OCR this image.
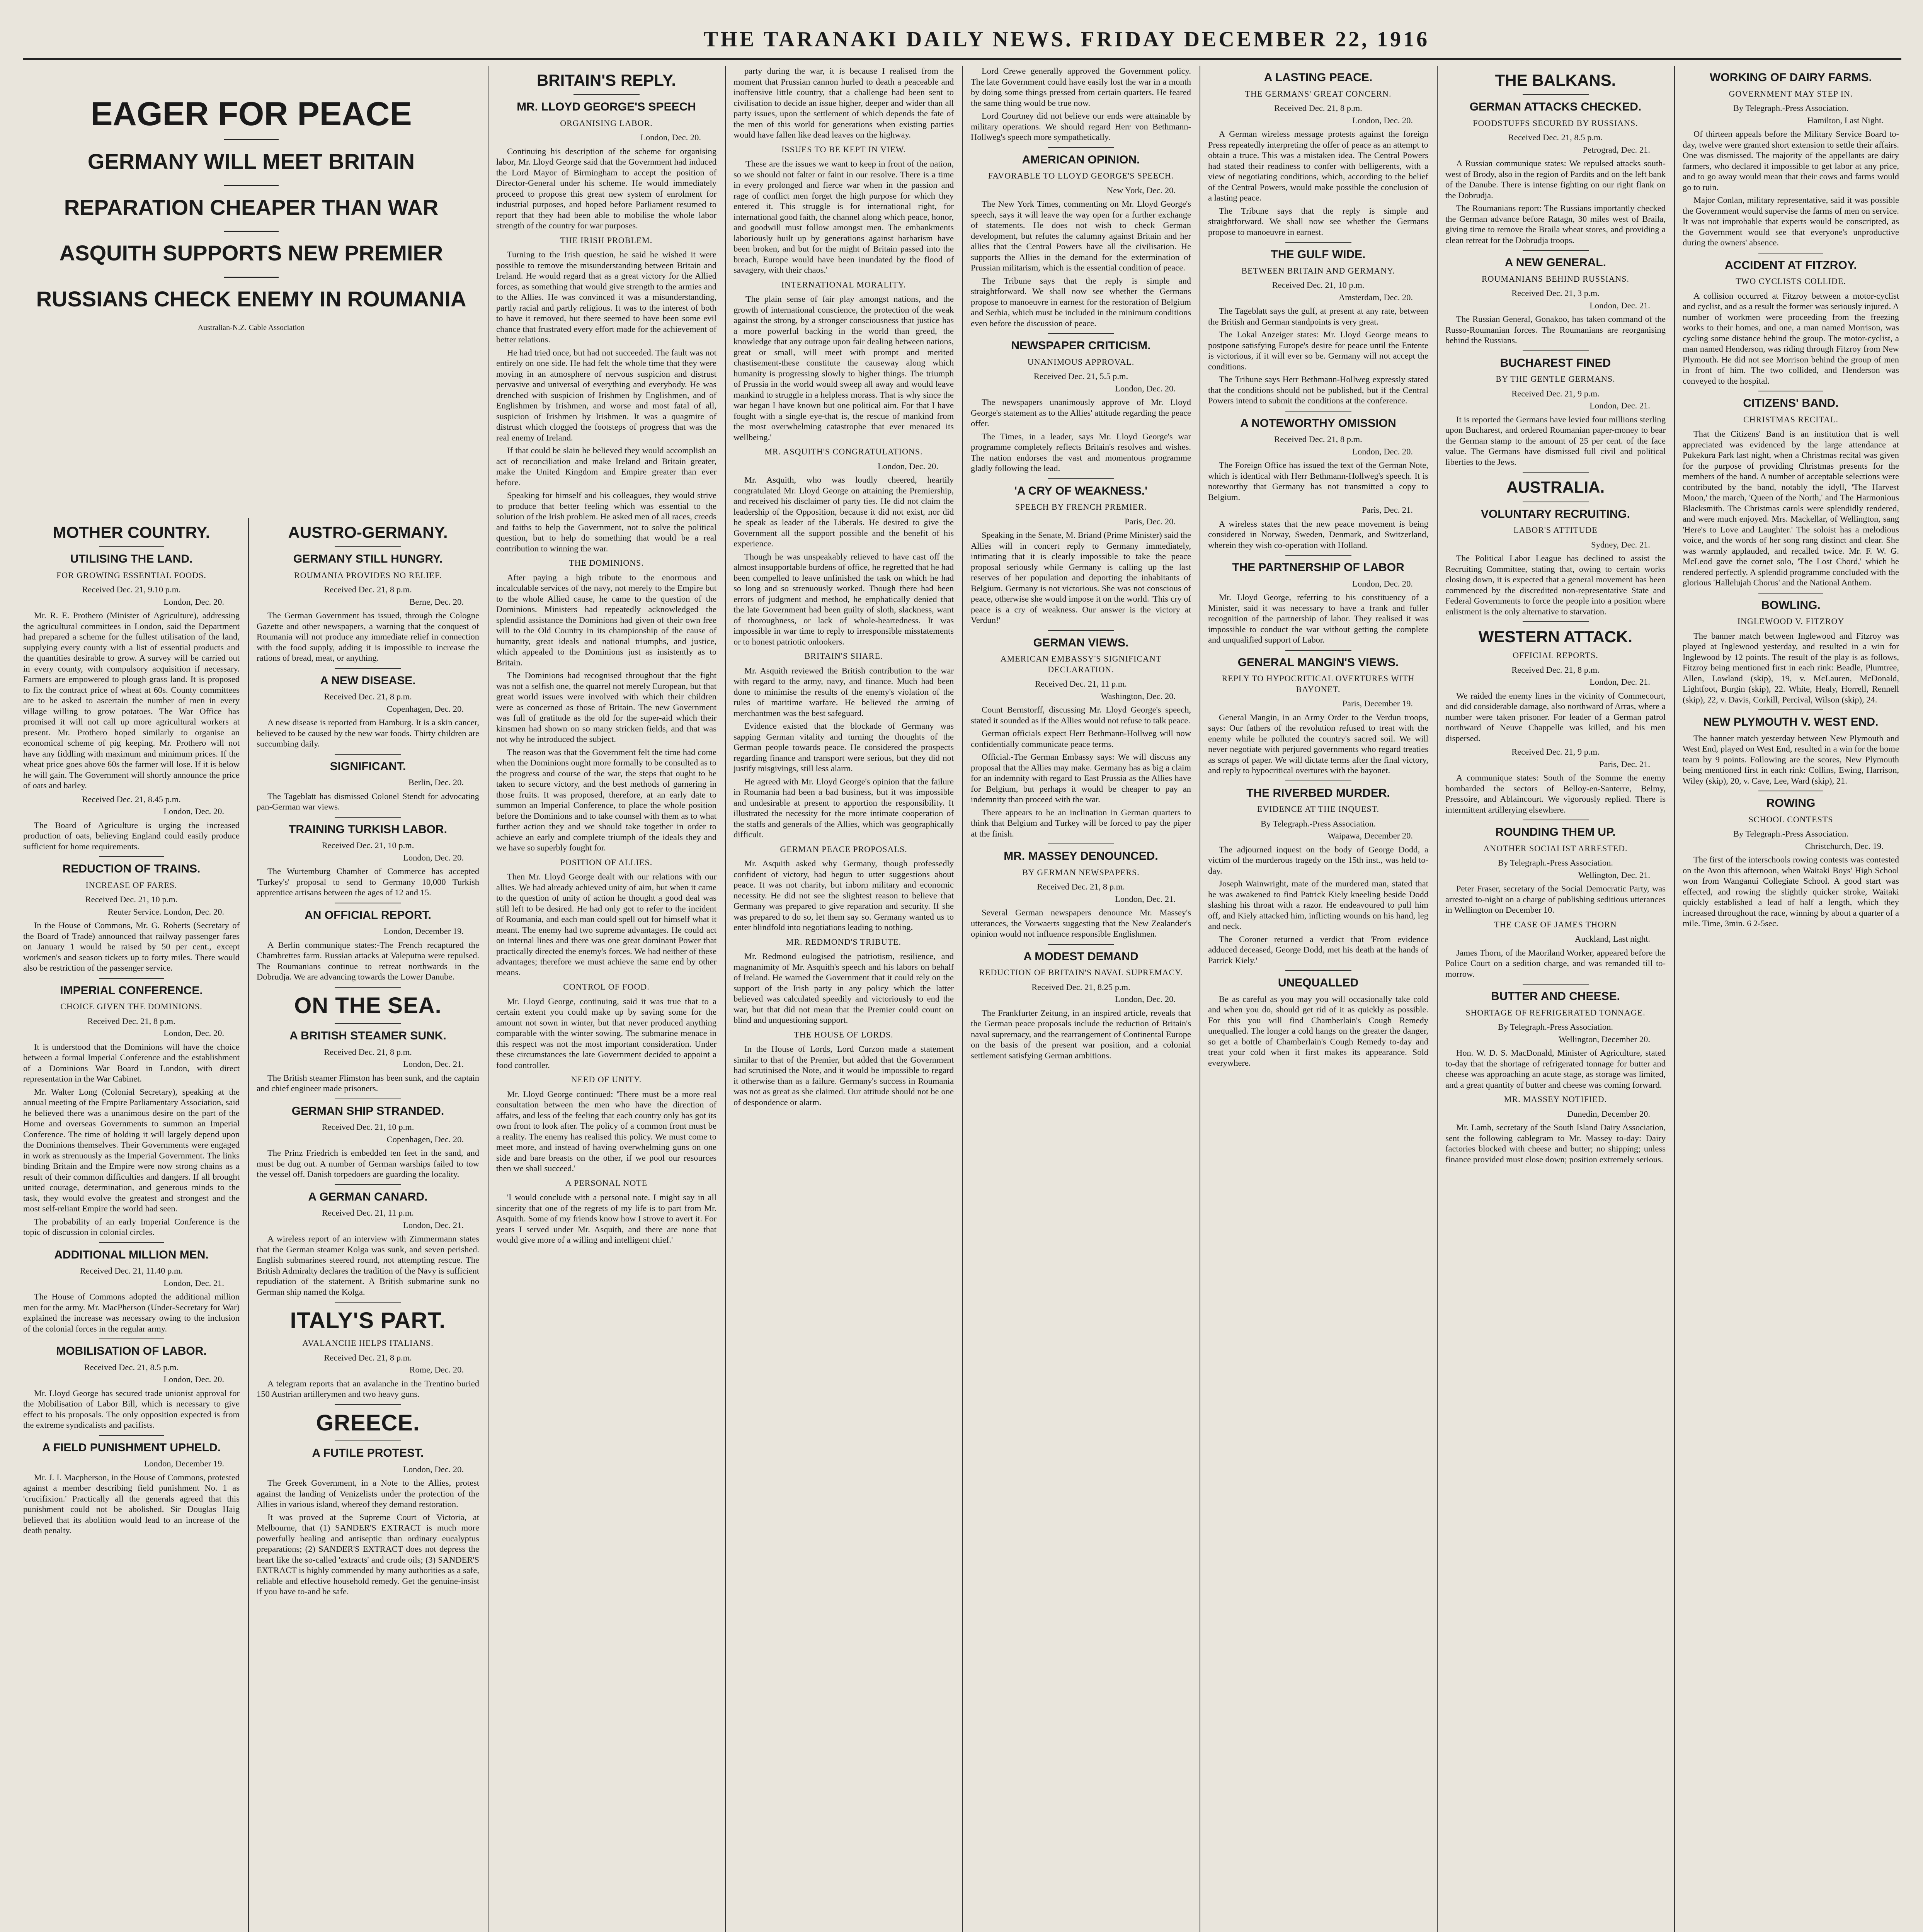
THE TARANAKI DAILY NEWS. FRIDAY DECEMBER 22, 1916
EAGER FOR PEACE
GERMANY WILL MEET BRITAIN
REPARATION CHEAPER THAN WAR
ASQUITH SUPPORTS NEW PREMIER
RUSSIANS CHECK ENEMY IN ROUMANIA
Australian-N.Z. Cable Association
MOTHER COUNTRY.
UTILISING THE LAND.
FOR GROWING ESSENTIAL FOODS.
Received Dec. 21, 9.10 p.m.
London, Dec. 20.

Mr. R. E. Prothero (Minister of Agriculture), addressing the agricultural committees in London, said the Department had prepared a scheme for the fullest utilisation of the land, supplying every county with a list of essential products and the quantities desirable to grow. A survey will be carried out in every county, with compulsory acquisition if necessary. Farmers are empowered to plough grass land. It is proposed to fix the contract price of wheat at 60s. County committees are to be asked to ascertain the number of men in every village willing to grow potatoes. The War Office has promised it will not call up more agricultural workers at present. Mr. Prothero hoped similarly to organise an economical scheme of pig keeping. Mr. Prothero will not have any fiddling with maximum and minimum prices. If the wheat price goes above 60s the farmer will lose. If it is below he will gain. The Government will shortly announce the price of oats and barley.

Received Dec. 21, 8.45 p.m.
London, Dec. 20.

The Board of Agriculture is urging the increased production of oats, believing England could easily produce sufficient for home requirements.

REDUCTION OF TRAINS.
INCREASE OF FARES.
Received Dec. 21, 10 p.m.
Reuter Service. London, Dec. 20.

In the House of Commons, Mr. G. Roberts (Secretary of the Board of Trade) announced that railway passenger fares on January 1 would be raised by 50 per cent., except workmen's and season tickets up to forty miles. There would also be restriction of the passenger service.

IMPERIAL CONFERENCE.
CHOICE GIVEN THE DOMINIONS.
Received Dec. 21, 8 p.m.
London, Dec. 20.

It is understood that the Dominions will have the choice between a formal Imperial Conference and the establishment of a Dominions War Board in London, with direct representation in the War Cabinet.

Mr. Walter Long (Colonial Secretary), speaking at the annual meeting of the Empire Parliamentary Association, said he believed there was a unanimous desire on the part of the Home and overseas Governments to summon an Imperial Conference. The time of holding it will largely depend upon the Dominions themselves. Their Governments were engaged in work as strenuously as the Imperial Government. The links binding Britain and the Empire were now strong chains as a result of their common difficulties and dangers. If all brought united courage, determination, and generous minds to the task, they would evolve the greatest and strongest and the most self-reliant Empire the world had seen.

The probability of an early Imperial Conference is the topic of discussion in colonial circles.

ADDITIONAL MILLION MEN.
Received Dec. 21, 11.40 p.m.
London, Dec. 21.

The House of Commons adopted the additional million men for the army. Mr. MacPherson (Under-Secretary for War) explained the increase was necessary owing to the inclusion of the colonial forces in the regular army.

MOBILISATION OF LABOR.
Received Dec. 21, 8.5 p.m.
London, Dec. 20.

Mr. Lloyd George has secured trade unionist approval for the Mobilisation of Labor Bill, which is necessary to give effect to his proposals. The only opposition expected is from the extreme syndicalists and pacifists.

A FIELD PUNISHMENT UPHELD.
London, December 19.

Mr. J. I. Macpherson, in the House of Commons, protested against a member describing field punishment No. 1 as 'crucifixion.' Practically all the generals agreed that this punishment could not be abolished. Sir Douglas Haig believed that its abolition would lead to an increase of the death penalty.

AUSTRO-GERMANY.
GERMANY STILL HUNGRY.
ROUMANIA PROVIDES NO RELIEF.
Received Dec. 21, 8 p.m.
Berne, Dec. 20.

The German Government has issued, through the Cologne Gazette and other newspapers, a warning that the conquest of Roumania will not produce any immediate relief in connection with the food supply, adding it is impossible to increase the rations of bread, meat, or anything.

A NEW DISEASE.
Received Dec. 21, 8 p.m.
Copenhagen, Dec. 20.

A new disease is reported from Hamburg. It is a skin cancer, believed to be caused by the new war foods. Thirty children are succumbing daily.

SIGNIFICANT.
Berlin, Dec. 20.

The Tageblatt has dismissed Colonel Stendt for advocating pan-German war views.

TRAINING TURKISH LABOR.
Received Dec. 21, 10 p.m.
London, Dec. 20.

The Wurtemburg Chamber of Commerce has accepted 'Turkey's' proposal to send to Germany 10,000 Turkish apprentice artisans between the ages of 12 and 15.

AN OFFICIAL REPORT.
London, December 19.

A Berlin communique states:-The French recaptured the Chambrettes farm. Russian attacks at Valeputna were repulsed. The Roumanians continue to retreat northwards in the Dobrudja. We are advancing towards the Lower Danube.

ON THE SEA.
A BRITISH STEAMER SUNK.
Received Dec. 21, 8 p.m.
London, Dec. 21.

The British steamer Flimston has been sunk, and the captain and chief engineer made prisoners.

GERMAN SHIP STRANDED.
Received Dec. 21, 10 p.m.
Copenhagen, Dec. 20.

The Prinz Friedrich is embedded ten feet in the sand, and must be dug out. A number of German warships failed to tow the vessel off. Danish torpedoers are guarding the locality.

A GERMAN CANARD.
Received Dec. 21, 11 p.m.
London, Dec. 21.

A wireless report of an interview with Zimmermann states that the German steamer Kolga was sunk, and seven perished. English submarines steered round, not attempting rescue. The British Admiralty declares the tradition of the Navy is sufficient repudiation of the statement. A British submarine sunk no German ship named the Kolga.

ITALY'S PART.
AVALANCHE HELPS ITALIANS.
Received Dec. 21, 8 p.m.
Rome, Dec. 20.

A telegram reports that an avalanche in the Trentino buried 150 Austrian artillerymen and two heavy guns.

GREECE.
A FUTILE PROTEST.
London, Dec. 20.

The Greek Government, in a Note to the Allies, protest against the landing of Venizelists under the protection of the Allies in various island, whereof they demand restoration.

It was proved at the Supreme Court of Victoria, at Melbourne, that (1) SANDER'S EXTRACT is much more powerfully healing and antiseptic than ordinary eucalyptus preparations; (2) SANDER'S EXTRACT does not depress the heart like the so-called 'extracts' and crude oils; (3) SANDER'S EXTRACT is highly commended by many authorities as a safe, reliable and effective household remedy. Get the genuine-insist if you have to-and be safe.

BRITAIN'S REPLY.
MR. LLOYD GEORGE'S SPEECH
ORGANISING LABOR.
London, Dec. 20.

Continuing his description of the scheme for organising labor, Mr. Lloyd George said that the Government had induced the Lord Mayor of Birmingham to accept the position of Director-General under his scheme. He would immediately proceed to propose this great new system of enrolment for industrial purposes, and hoped before Parliament resumed to report that they had been able to mobilise the whole labor strength of the country for war purposes.

THE IRISH PROBLEM.

Turning to the Irish question, he said he wished it were possible to remove the misunderstanding between Britain and Ireland. He would regard that as a great victory for the Allied forces, as something that would give strength to the armies and to the Allies. He was convinced it was a misunderstanding, partly racial and partly religious. It was to the interest of both to have it removed, but there seemed to have been some evil chance that frustrated every effort made for the achievement of better relations.

He had tried once, but had not succeeded. The fault was not entirely on one side. He had felt the whole time that they were moving in an atmosphere of nervous suspicion and distrust pervasive and universal of everything and everybody. He was drenched with suspicion of Irishmen by Englishmen, and of Englishmen by Irishmen, and worse and most fatal of all, suspicion of Irishmen by Irishmen. It was a quagmire of distrust which clogged the footsteps of progress that was the real enemy of Ireland.

If that could be slain he believed they would accomplish an act of reconciliation and make Ireland and Britain greater, make the United Kingdom and Empire greater than ever before.

Speaking for himself and his colleagues, they would strive to produce that better feeling which was essential to the solution of the Irish problem. He asked men of all races, creeds and faiths to help the Government, not to solve the political question, but to help do something that would be a real contribution to winning the war.

THE DOMINIONS.

After paying a high tribute to the enormous and incalculable services of the navy, not merely to the Empire but to the whole Allied cause, he came to the question of the Dominions. Ministers had repeatedly acknowledged the splendid assistance the Dominions had given of their own free will to the Old Country in its championship of the cause of humanity, great ideals and national triumphs, and justice, which appealed to the Dominions just as insistently as to Britain.

The Dominions had recognised throughout that the fight was not a selfish one, the quarrel not merely European, but that great world issues were involved with which their children were as concerned as those of Britain. The new Government was full of gratitude as the old for the super-aid which their kinsmen had shown on so many stricken fields, and that was not why he introduced the subject.

The reason was that the Government felt the time had come when the Dominions ought more formally to be consulted as to the progress and course of the war, the steps that ought to be taken to secure victory, and the best methods of garnering in those fruits. It was proposed, therefore, at an early date to summon an Imperial Conference, to place the whole position before the Dominions and to take counsel with them as to what further action they and we should take together in order to achieve an early and complete triumph of the ideals they and we have so superbly fought for.

POSITION OF ALLIES.

Then Mr. Lloyd George dealt with our relations with our allies. We had already achieved unity of aim, but when it came to the question of unity of action he thought a good deal was still left to be desired. He had only got to refer to the incident of Roumania, and each man could spell out for himself what it meant. The enemy had two supreme advantages. He could act on internal lines and there was one great dominant Power that practically directed the enemy's forces. We had neither of these advantages; therefore we must achieve the same end by other means.

CONTROL OF FOOD.

Mr. Lloyd George, continuing, said it was true that to a certain extent you could make up by saving some for the amount not sown in winter, but that never produced anything comparable with the winter sowing. The submarine menace in this respect was not the most important consideration. Under these circumstances the late Government decided to appoint a food controller.

NEED OF UNITY.

Mr. Lloyd George continued: 'There must be a more real consultation between the men who have the direction of affairs, and less of the feeling that each country only has got its own front to look after. The policy of a common front must be a reality. The enemy has realised this policy. We must come to meet more, and instead of having overwhelming guns on one side and bare breasts on the other, if we pool our resources then we shall succeed.'

A PERSONAL NOTE

'I would conclude with a personal note. I might say in all sincerity that one of the regrets of my life is to part from Mr. Asquith. Some of my friends know how I strove to avert it. For years I served under Mr. Asquith, and there are none that would give more of a willing and intelligent chief.'

party during the war, it is because I realised from the moment that Prussian cannon hurled to death a peaceable and inoffensive little country, that a challenge had been sent to civilisation to decide an issue higher, deeper and wider than all party issues, upon the settlement of which depends the fate of the men of this world for generations when existing parties would have fallen like dead leaves on the highway.

ISSUES TO BE KEPT IN VIEW.

'These are the issues we want to keep in front of the nation, so we should not falter or faint in our resolve. There is a time in every prolonged and fierce war when in the passion and rage of conflict men forget the high purpose for which they entered it. This struggle is for international right, for international good faith, the channel along which peace, honor, and goodwill must follow amongst men. The embankments laboriously built up by generations against barbarism have been broken, and but for the might of Britain passed into the breach, Europe would have been inundated by the flood of savagery, with their chaos.'

INTERNATIONAL MORALITY.

'The plain sense of fair play amongst nations, and the growth of international conscience, the protection of the weak against the strong, by a stronger consciousness that justice has a more powerful backing in the world than greed, the knowledge that any outrage upon fair dealing between nations, great or small, will meet with prompt and merited chastisement-these constitute the causeway along which humanity is progressing slowly to higher things. The triumph of Prussia in the world would sweep all away and would leave mankind to struggle in a helpless morass. That is why since the war began I have known but one political aim. For that I have fought with a single eye-that is, the rescue of mankind from the most overwhelming catastrophe that ever menaced its wellbeing.'

MR. ASQUITH'S CONGRATULATIONS.
London, Dec. 20.

Mr. Asquith, who was loudly cheered, heartily congratulated Mr. Lloyd George on attaining the Premiership, and received his disclaimer of party ties. He did not claim the leadership of the Opposition, because it did not exist, nor did he speak as leader of the Liberals. He desired to give the Government all the support possible and the benefit of his experience.

Though he was unspeakably relieved to have cast off the almost insupportable burdens of office, he regretted that he had been compelled to leave unfinished the task on which he had so long and so strenuously worked. Though there had been errors of judgment and method, he emphatically denied that the late Government had been guilty of sloth, slackness, want of thoroughness, or lack of whole-heartedness. It was impossible in war time to reply to irresponsible misstatements or to honest patriotic onlookers.

BRITAIN'S SHARE.

Mr. Asquith reviewed the British contribution to the war with regard to the army, navy, and finance. Much had been done to minimise the results of the enemy's violation of the rules of maritime warfare. He believed the arming of merchantmen was the best safeguard.

Evidence existed that the blockade of Germany was sapping German vitality and turning the thoughts of the German people towards peace. He considered the prospects regarding finance and transport were serious, but they did not justify misgivings, still less alarm.

He agreed with Mr. Lloyd George's opinion that the failure in Roumania had been a bad business, but it was impossible and undesirable at present to apportion the responsibility. It illustrated the necessity for the more intimate cooperation of the staffs and generals of the Allies, which was geographically difficult.

GERMAN PEACE PROPOSALS.

Mr. Asquith asked why Germany, though professedly confident of victory, had begun to utter suggestions about peace. It was not charity, but inborn military and economic necessity. He did not see the slightest reason to believe that Germany was prepared to give reparation and security. If she was prepared to do so, let them say so. Germany wanted us to enter blindfold into negotiations leading to nothing.

MR. REDMOND'S TRIBUTE.

Mr. Redmond eulogised the patriotism, resilience, and magnanimity of Mr. Asquith's speech and his labors on behalf of Ireland. He warned the Government that it could rely on the support of the Irish party in any policy which the latter believed was calculated speedily and victoriously to end the war, but that did not mean that the Premier could count on blind and unquestioning support.

THE HOUSE OF LORDS.

In the House of Lords, Lord Curzon made a statement similar to that of the Premier, but added that the Government had scrutinised the Note, and it would be impossible to regard it otherwise than as a failure. Germany's success in Roumania was not as great as she claimed. Our attitude should not be one of despondence or alarm.

Lord Crewe generally approved the Government policy. The late Government could have easily lost the war in a month by doing some things pressed from certain quarters. He feared the same thing would be true now.

Lord Courtney did not believe our ends were attainable by military operations. We should regard Herr von Bethmann-Hollweg's speech more sympathetically.

AMERICAN OPINION.
FAVORABLE TO LLOYD GEORGE'S SPEECH.
New York, Dec. 20.

The New York Times, commenting on Mr. Lloyd George's speech, says it will leave the way open for a further exchange of statements. He does not wish to check German development, but refutes the calumny against Britain and her allies that the Central Powers have all the civilisation. He supports the Allies in the demand for the extermination of Prussian militarism, which is the essential condition of peace.

The Tribune says that the reply is simple and straightforward. We shall now see whether the Germans propose to manoeuvre in earnest for the restoration of Belgium and Serbia, which must be included in the minimum conditions even before the discussion of peace.

NEWSPAPER CRITICISM.
UNANIMOUS APPROVAL.
Received Dec. 21, 5.5 p.m.
London, Dec. 20.

The newspapers unanimously approve of Mr. Lloyd George's statement as to the Allies' attitude regarding the peace offer.

The Times, in a leader, says Mr. Lloyd George's war programme completely reflects Britain's resolves and wishes. The nation endorses the vast and momentous programme gladly following the lead.

'A CRY OF WEAKNESS.'
SPEECH BY FRENCH PREMIER.
Paris, Dec. 20.

Speaking in the Senate, M. Briand (Prime Minister) said the Allies will in concert reply to Germany immediately, intimating that it is clearly impossible to take the peace proposal seriously while Germany is calling up the last reserves of her population and deporting the inhabitants of Belgium. Germany is not victorious. She was not conscious of peace, otherwise she would impose it on the world. 'This cry of peace is a cry of weakness. Our answer is the victory at Verdun!'

GERMAN VIEWS.
AMERICAN EMBASSY'S SIGNIFICANT DECLARATION.
Received Dec. 21, 11 p.m.
Washington, Dec. 20.

Count Bernstorff, discussing Mr. Lloyd George's speech, stated it sounded as if the Allies would not refuse to talk peace.

German officials expect Herr Bethmann-Hollweg will now confidentially communicate peace terms.

Official.-The German Embassy says: We will discuss any proposal that the Allies may make. Germany has as big a claim for an indemnity with regard to East Prussia as the Allies have for Belgium, but perhaps it would be cheaper to pay an indemnity than proceed with the war.

There appears to be an inclination in German quarters to think that Belgium and Turkey will be forced to pay the piper at the finish.

MR. MASSEY DENOUNCED.
BY GERMAN NEWSPAPERS.
Received Dec. 21, 8 p.m.
London, Dec. 21.

Several German newspapers denounce Mr. Massey's utterances, the Vorwaerts suggesting that the New Zealander's opinion would not influence responsible Englishmen.

A MODEST DEMAND
REDUCTION OF BRITAIN'S NAVAL SUPREMACY.
Received Dec. 21, 8.25 p.m.
London, Dec. 20.

The Frankfurter Zeitung, in an inspired article, reveals that the German peace proposals include the reduction of Britain's naval supremacy, and the rearrangement of Continental Europe on the basis of the present war position, and a colonial settlement satisfying German ambitions.

A LASTING PEACE.
THE GERMANS' GREAT CONCERN.
Received Dec. 21, 8 p.m.
London, Dec. 20.

A German wireless message protests against the foreign Press repeatedly interpreting the offer of peace as an attempt to obtain a truce. This was a mistaken idea. The Central Powers had stated their readiness to confer with belligerents, with a view of negotiating conditions, which, according to the belief of the Central Powers, would make possible the conclusion of a lasting peace.

The Tribune says that the reply is simple and straightforward. We shall now see whether the Germans propose to manoeuvre in earnest.

THE GULF WIDE.
BETWEEN BRITAIN AND GERMANY.
Received Dec. 21, 10 p.m.
Amsterdam, Dec. 20.

The Tageblatt says the gulf, at present at any rate, between the British and German standpoints is very great.

The Lokal Anzeiger states: Mr. Lloyd George means to postpone satisfying Europe's desire for peace until the Entente is victorious, if it will ever so be. Germany will not accept the conditions.

The Tribune says Herr Bethmann-Hollweg expressly stated that the conditions should not be published, but if the Central Powers intend to submit the conditions at the conference.

A NOTEWORTHY OMISSION
Received Dec. 21, 8 p.m.
London, Dec. 20.

The Foreign Office has issued the text of the German Note, which is identical with Herr Bethmann-Hollweg's speech. It is noteworthy that Germany has not transmitted a copy to Belgium.

Paris, Dec. 21.

A wireless states that the new peace movement is being considered in Norway, Sweden, Denmark, and Switzerland, wherein they wish co-operation with Holland.

THE PARTNERSHIP OF LABOR
London, Dec. 20.

Mr. Lloyd George, referring to his constituency of a Minister, said it was necessary to have a frank and fuller recognition of the partnership of labor. They realised it was impossible to conduct the war without getting the complete and unqualified support of Labor.

GENERAL MANGIN'S VIEWS.
REPLY TO HYPOCRITICAL OVERTURES WITH BAYONET.
Paris, December 19.

General Mangin, in an Army Order to the Verdun troops, says: Our fathers of the revolution refused to treat with the enemy while he polluted the country's sacred soil. We will never negotiate with perjured governments who regard treaties as scraps of paper. We will dictate terms after the final victory, and reply to hypocritical overtures with the bayonet.

THE RIVERBED MURDER.
EVIDENCE AT THE INQUEST.
By Telegraph.-Press Association.
Waipawa, December 20.

The adjourned inquest on the body of George Dodd, a victim of the murderous tragedy on the 15th inst., was held to-day.

Joseph Wainwright, mate of the murdered man, stated that he was awakened to find Patrick Kiely kneeling beside Dodd slashing his throat with a razor. He endeavoured to pull him off, and Kiely attacked him, inflicting wounds on his hand, leg and neck.

The Coroner returned a verdict that 'From evidence adduced deceased, George Dodd, met his death at the hands of Patrick Kiely.'

UNEQUALLED

Be as careful as you may you will occasionally take cold and when you do, should get rid of it as quickly as possible. For this you will find Chamberlain's Cough Remedy unequalled. The longer a cold hangs on the greater the danger, so get a bottle of Chamberlain's Cough Remedy to-day and treat your cold when it first makes its appearance. Sold everywhere.

THE BALKANS.
GERMAN ATTACKS CHECKED.
FOODSTUFFS SECURED BY RUSSIANS.
Received Dec. 21, 8.5 p.m.
Petrograd, Dec. 21.

A Russian communique states: We repulsed attacks south-west of Brody, also in the region of Pardits and on the left bank of the Danube. There is intense fighting on our right flank on the Dobrudja.

The Roumanians report: The Russians importantly checked the German advance before Ratagn, 30 miles west of Braila, giving time to remove the Braila wheat stores, and providing a clean retreat for the Dobrudja troops.

A NEW GENERAL.
ROUMANIANS BEHIND RUSSIANS.
Received Dec. 21, 3 p.m.
London, Dec. 21.

The Russian General, Gonakoo, has taken command of the Russo-Roumanian forces. The Roumanians are reorganising behind the Russians.

BUCHAREST FINED
BY THE GENTLE GERMANS.
Received Dec. 21, 9 p.m.
London, Dec. 21.

It is reported the Germans have levied four millions sterling upon Bucharest, and ordered Roumanian paper-money to bear the German stamp to the amount of 25 per cent. of the face value. The Germans have dismissed full civil and political liberties to the Jews.

AUSTRALIA.
VOLUNTARY RECRUITING.
LABOR'S ATTITUDE
Sydney, Dec. 21.

The Political Labor League has declined to assist the Recruiting Committee, stating that, owing to certain works closing down, it is expected that a general movement has been commenced by the discredited non-representative State and Federal Governments to force the people into a position where enlistment is the only alternative to starvation.

WESTERN ATTACK.
OFFICIAL REPORTS.
Received Dec. 21, 8 p.m.
London, Dec. 21.

We raided the enemy lines in the vicinity of Commecourt, and did considerable damage, also northward of Arras, where a number were taken prisoner. For leader of a German patrol northward of Neuve Chappelle was killed, and his men dispersed.

Received Dec. 21, 9 p.m.
Paris, Dec. 21.

A communique states: South of the Somme the enemy bombarded the sectors of Belloy-en-Santerre, Belmy, Pressoire, and Ablaincourt. We vigorously replied. There is intermittent artillerying elsewhere.

ROUNDING THEM UP.
ANOTHER SOCIALIST ARRESTED.
By Telegraph.-Press Association.
Wellington, Dec. 21.

Peter Fraser, secretary of the Social Democratic Party, was arrested to-night on a charge of publishing seditious utterances in Wellington on December 10.

THE CASE OF JAMES THORN
Auckland, Last night.

James Thorn, of the Maoriland Worker, appeared before the Police Court on a sedition charge, and was remanded till to-morrow.

BUTTER AND CHEESE.
SHORTAGE OF REFRIGERATED TONNAGE.
By Telegraph.-Press Association.
Wellington, December 20.

Hon. W. D. S. MacDonald, Minister of Agriculture, stated to-day that the shortage of refrigerated tonnage for butter and cheese was approaching an acute stage, as storage was limited, and a great quantity of butter and cheese was coming forward.

MR. MASSEY NOTIFIED.
Dunedin, December 20.

Mr. Lamb, secretary of the South Island Dairy Association, sent the following cablegram to Mr. Massey to-day: Dairy factories blocked with cheese and butter; no shipping; unless finance provided must close down; position extremely serious.

WORKING OF DAIRY FARMS.
GOVERNMENT MAY STEP IN.
By Telegraph.-Press Association.
Hamilton, Last Night.

Of thirteen appeals before the Military Service Board to-day, twelve were granted short extension to settle their affairs. One was dismissed. The majority of the appellants are dairy farmers, who declared it impossible to get labor at any price, and to go away would mean that their cows and farms would go to ruin.

Major Conlan, military representative, said it was possible the Government would supervise the farms of men on service. It was not improbable that experts would be conscripted, as the Government would see that everyone's unproductive during the owners' absence.

ACCIDENT AT FITZROY.
TWO CYCLISTS COLLIDE.

A collision occurred at Fitzroy between a motor-cyclist and cyclist, and as a result the former was seriously injured. A number of workmen were proceeding from the freezing works to their homes, and one, a man named Morrison, was cycling some distance behind the group. The motor-cyclist, a man named Henderson, was riding through Fitzroy from New Plymouth. He did not see Morrison behind the group of men in front of him. The two collided, and Henderson was conveyed to the hospital.

CITIZENS' BAND.
CHRISTMAS RECITAL.

That the Citizens' Band is an institution that is well appreciated was evidenced by the large attendance at Pukekura Park last night, when a Christmas recital was given for the purpose of providing Christmas presents for the members of the band. A number of acceptable selections were contributed by the band, notably the idyll, 'The Harvest Moon,' the march, 'Queen of the North,' and The Harmonious Blacksmith. The Christmas carols were splendidly rendered, and were much enjoyed. Mrs. Mackellar, of Wellington, sang 'Here's to Love and Laughter.' The soloist has a melodious voice, and the words of her song rang distinct and clear. She was warmly applauded, and recalled twice. Mr. F. W. G. McLeod gave the cornet solo, 'The Lost Chord,' which he rendered perfectly. A splendid programme concluded with the glorious 'Hallelujah Chorus' and the National Anthem.

BOWLING.
INGLEWOOD V. FITZROY

The banner match between Inglewood and Fitzroy was played at Inglewood yesterday, and resulted in a win for Inglewood by 12 points. The result of the play is as follows, Fitzroy being mentioned first in each rink: Beadle, Plumtree, Allen, Lowland (skip), 19, v. McLauren, McDonald, Lightfoot, Burgin (skip), 22. White, Healy, Horrell, Rennell (skip), 22, v. Davis, Corkill, Percival, Wilson (skip), 24.

NEW PLYMOUTH V. WEST END.

The banner match yesterday between New Plymouth and West End, played on West End, resulted in a win for the home team by 9 points. Following are the scores, New Plymouth being mentioned first in each rink: Collins, Ewing, Harrison, Wiley (skip), 20, v. Cave, Lee, Ward (skip), 21.

ROWING
SCHOOL CONTESTS
By Telegraph.-Press Association.
Christchurch, Dec. 19.

The first of the interschools rowing contests was contested on the Avon this afternoon, when Waitaki Boys' High School won from Wanganui Collegiate School. A good start was effected, and rowing the slightly quicker stroke, Waitaki quickly established a lead of half a length, which they increased throughout the race, winning by about a quarter of a mile. Time, 3min. 6 2-5sec.
